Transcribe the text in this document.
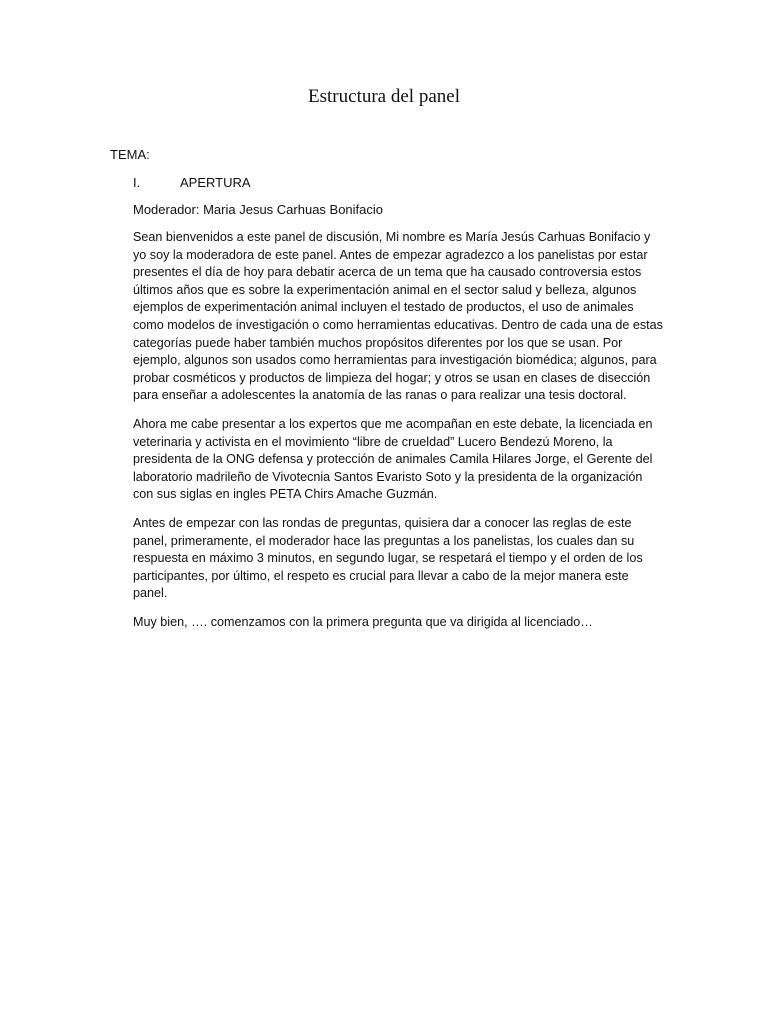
Estructura del panel
TEMA:
I.	APERTURA
Moderador: Maria Jesus Carhuas Bonifacio

Sean bienvenidos a este panel de discusión, Mi nombre es María Jesús Carhuas Bonifacio y yo soy la moderadora de este panel. Antes de empezar agradezco a los panelistas por estar presentes el día de hoy para debatir acerca de un tema que ha causado controversia estos últimos años que es sobre la experimentación animal en el sector salud y belleza, algunos ejemplos de experimentación animal incluyen el testado de productos, el uso de animales como modelos de investigación o como herramientas educativas. Dentro de cada una de estas categorías puede haber también muchos propósitos diferentes por los que se usan. Por ejemplo, algunos son usados como herramientas para investigación biomédica; algunos, para probar cosméticos y productos de limpieza del hogar; y otros se usan en clases de disección para enseñar a adolescentes la anatomía de las ranas o para realizar una tesis doctoral.

Ahora me cabe presentar a los expertos que me acompañan en este debate, la licenciada en veterinaria y activista en el movimiento “libre de crueldad” Lucero Bendezú Moreno, la presidenta de la ONG defensa y protección de animales Camila Hilares Jorge, el Gerente del laboratorio madrileño de Vivotecnia Santos Evaristo Soto y la presidenta de la organización con sus siglas en ingles PETA Chirs Amache Guzmán.

Antes de empezar con las rondas de preguntas, quisiera dar a conocer las reglas de este panel, primeramente, el moderador hace las preguntas a los panelistas, los cuales dan su respuesta en máximo 3 minutos, en segundo lugar, se respetará el tiempo y el orden de los participantes, por último, el respeto es crucial para llevar a cabo de la mejor manera este panel.

Muy bien, …. comenzamos con la primera pregunta que va dirigida al licenciado…
